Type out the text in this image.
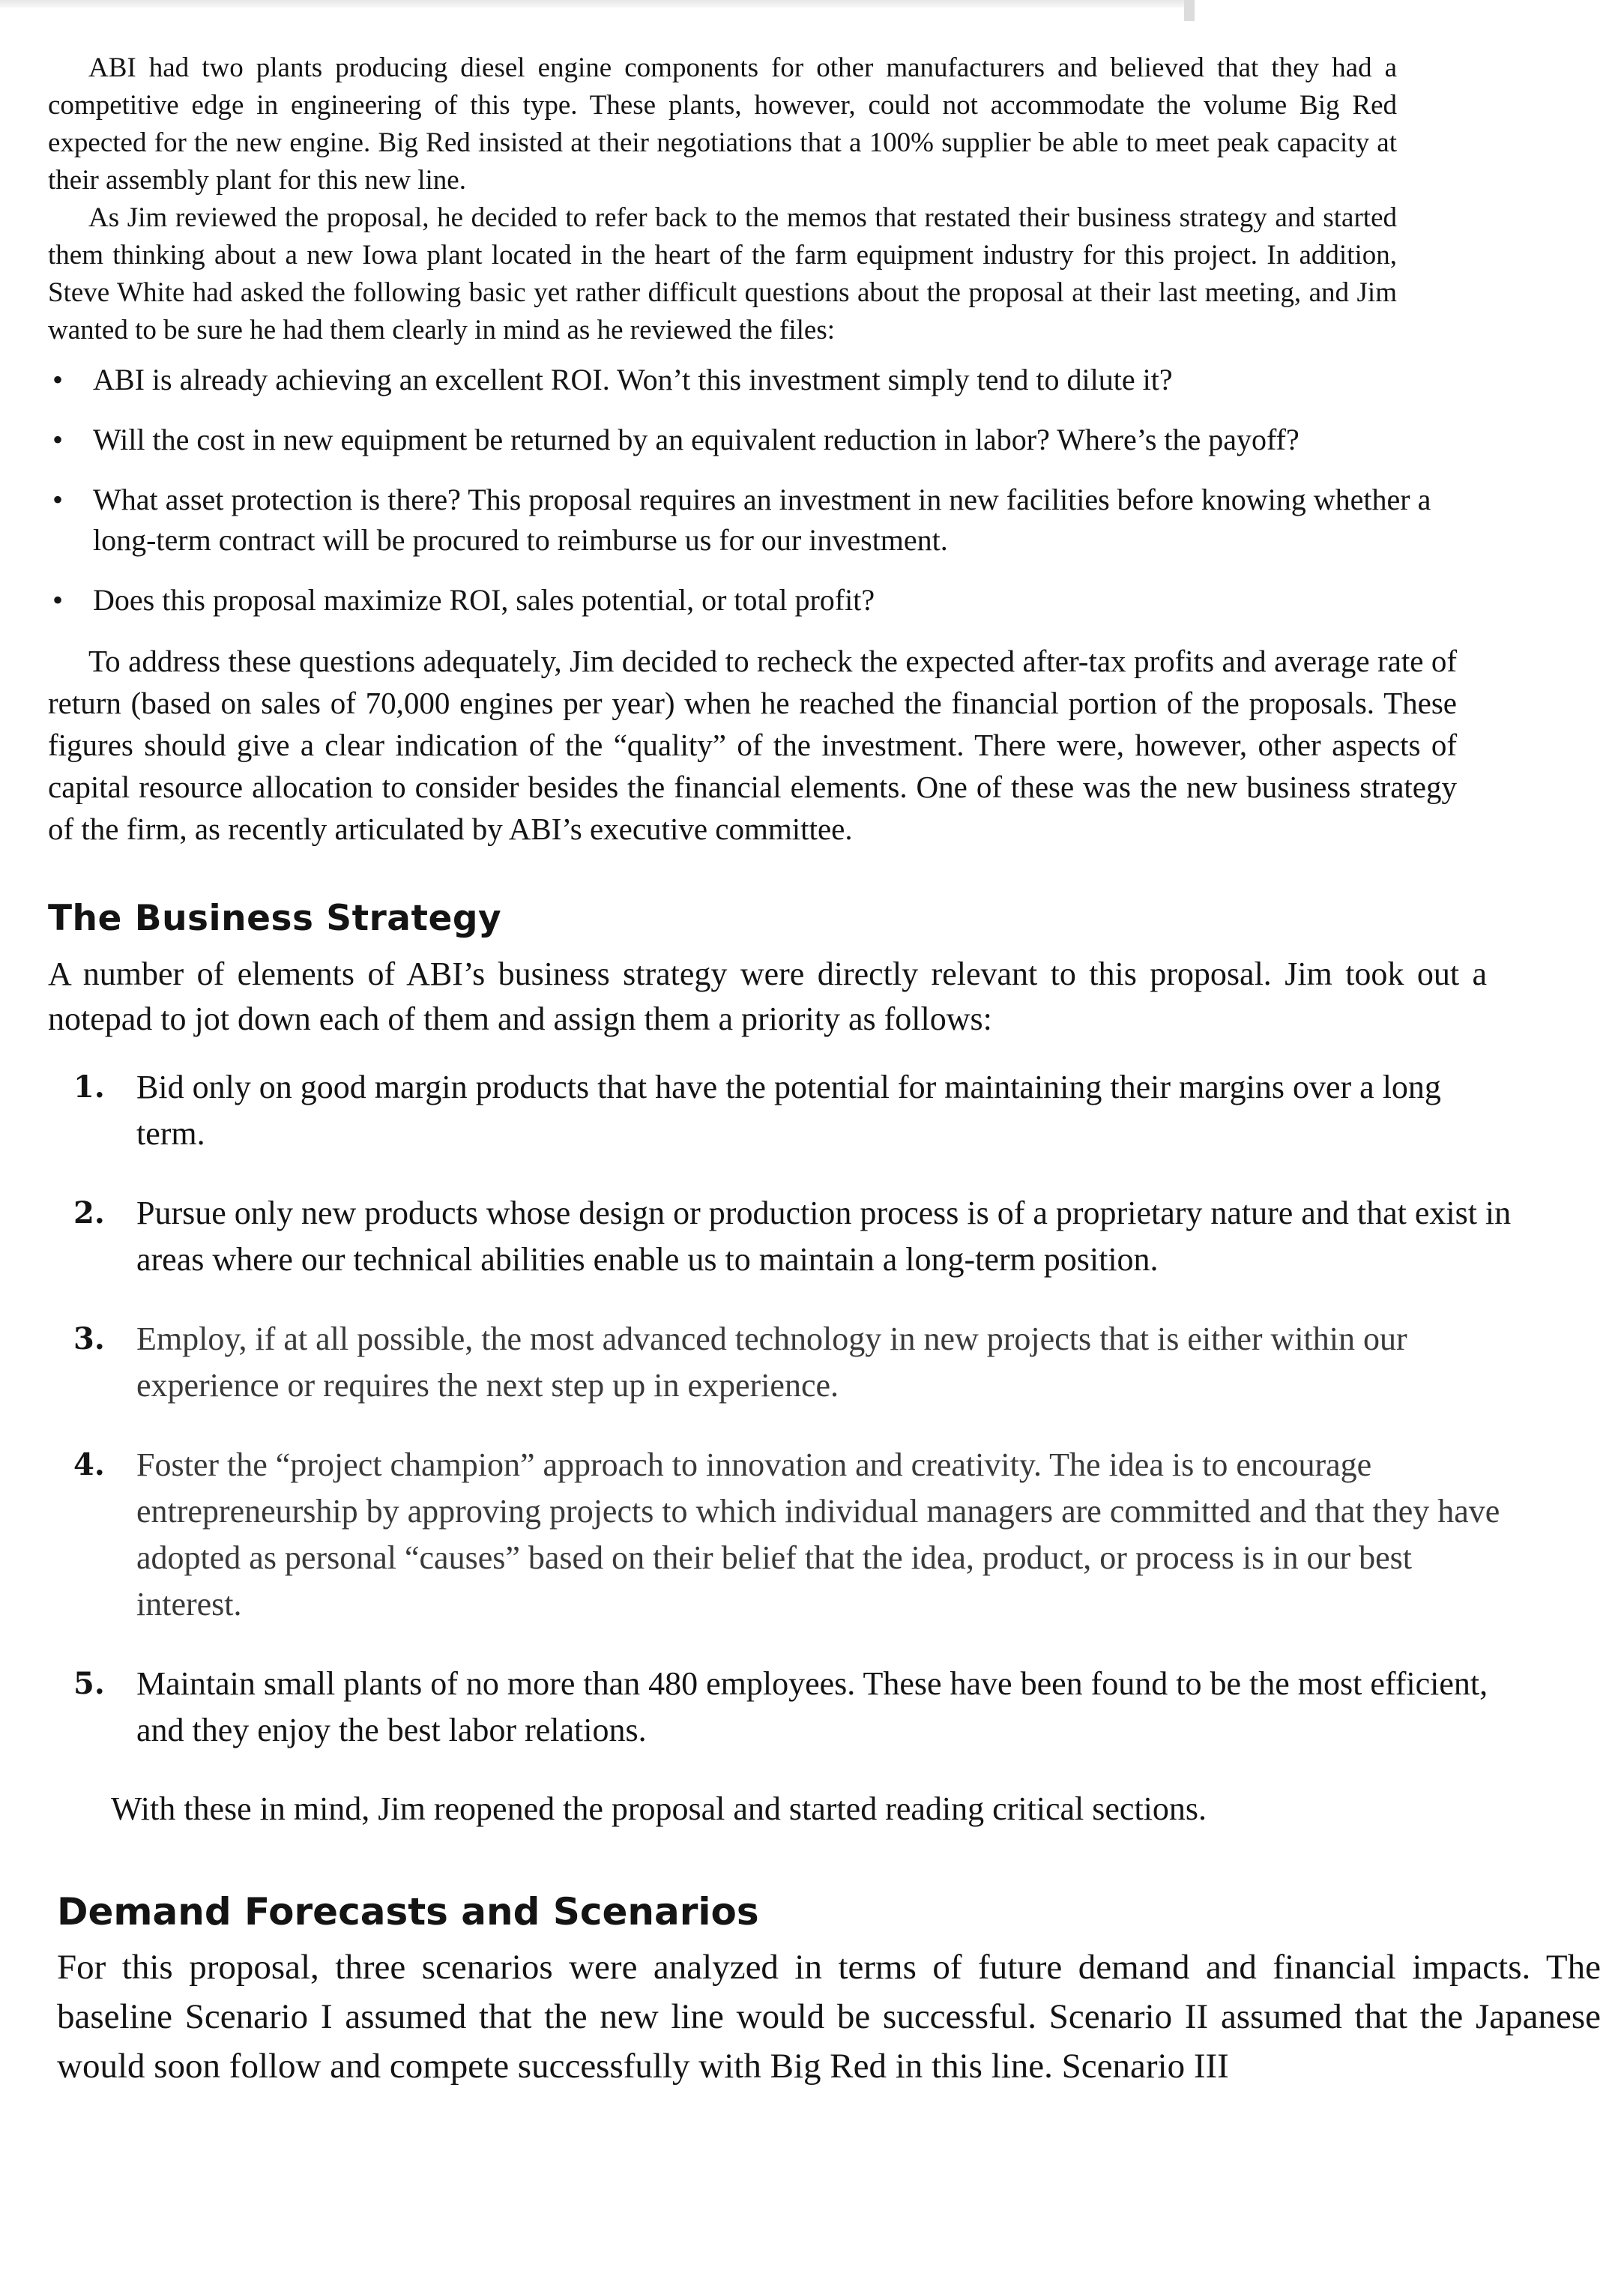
ABI had two plants producing diesel engine components for other manufacturers and believed that they had a competitive edge in engineering of this type. These plants, however, could not accommodate the volume Big Red expected for the new engine. Big Red insisted at their negotiations that a 100% supplier be able to meet peak capacity at their assembly plant for this new line.

As Jim reviewed the proposal, he decided to refer back to the memos that restated their business strategy and started them thinking about a new Iowa plant located in the heart of the farm equipment industry for this project. In addition, Steve White had asked the following basic yet rather difficult questions about the proposal at their last meeting, and Jim wanted to be sure he had them clearly in mind as he reviewed the files:

• ABI is already achieving an excellent ROI. Won’t this investment simply tend to dilute it?
• Will the cost in new equipment be returned by an equivalent reduction in labor? Where’s the payoff?
• What asset protection is there? This proposal requires an investment in new facilities before knowing whether a long-term contract will be procured to reimburse us for our investment.
• Does this proposal maximize ROI, sales potential, or total profit?

To address these questions adequately, Jim decided to recheck the expected after-tax profits and average rate of return (based on sales of 70,000 engines per year) when he reached the financial portion of the proposals. These figures should give a clear indication of the “quality” of the investment. There were, however, other aspects of capital resource allocation to consider besides the financial elements. One of these was the new business strategy of the firm, as recently articulated by ABI’s executive committee.

The Business Strategy

A number of elements of ABI’s business strategy were directly relevant to this proposal. Jim took out a notepad to jot down each of them and assign them a priority as follows:

1. Bid only on good margin products that have the potential for maintaining their margins over a long term.
2. Pursue only new products whose design or production process is of a proprietary nature and that exist in areas where our technical abilities enable us to maintain a long-term position.
3. Employ, if at all possible, the most advanced technology in new projects that is either within our experience or requires the next step up in experience.
4. Foster the “project champion” approach to innovation and creativity. The idea is to encourage entrepreneurship by approving projects to which individual managers are committed and that they have adopted as personal “causes” based on their belief that the idea, product, or process is in our best interest.
5. Maintain small plants of no more than 480 employees. These have been found to be the most efficient, and they enjoy the best labor relations.

With these in mind, Jim reopened the proposal and started reading critical sections.

Demand Forecasts and Scenarios

For this proposal, three scenarios were analyzed in terms of future demand and financial impacts. The baseline Scenario I assumed that the new line would be successful. Scenario II assumed that the Japanese would soon follow and compete successfully with Big Red in this line. Scenario III
